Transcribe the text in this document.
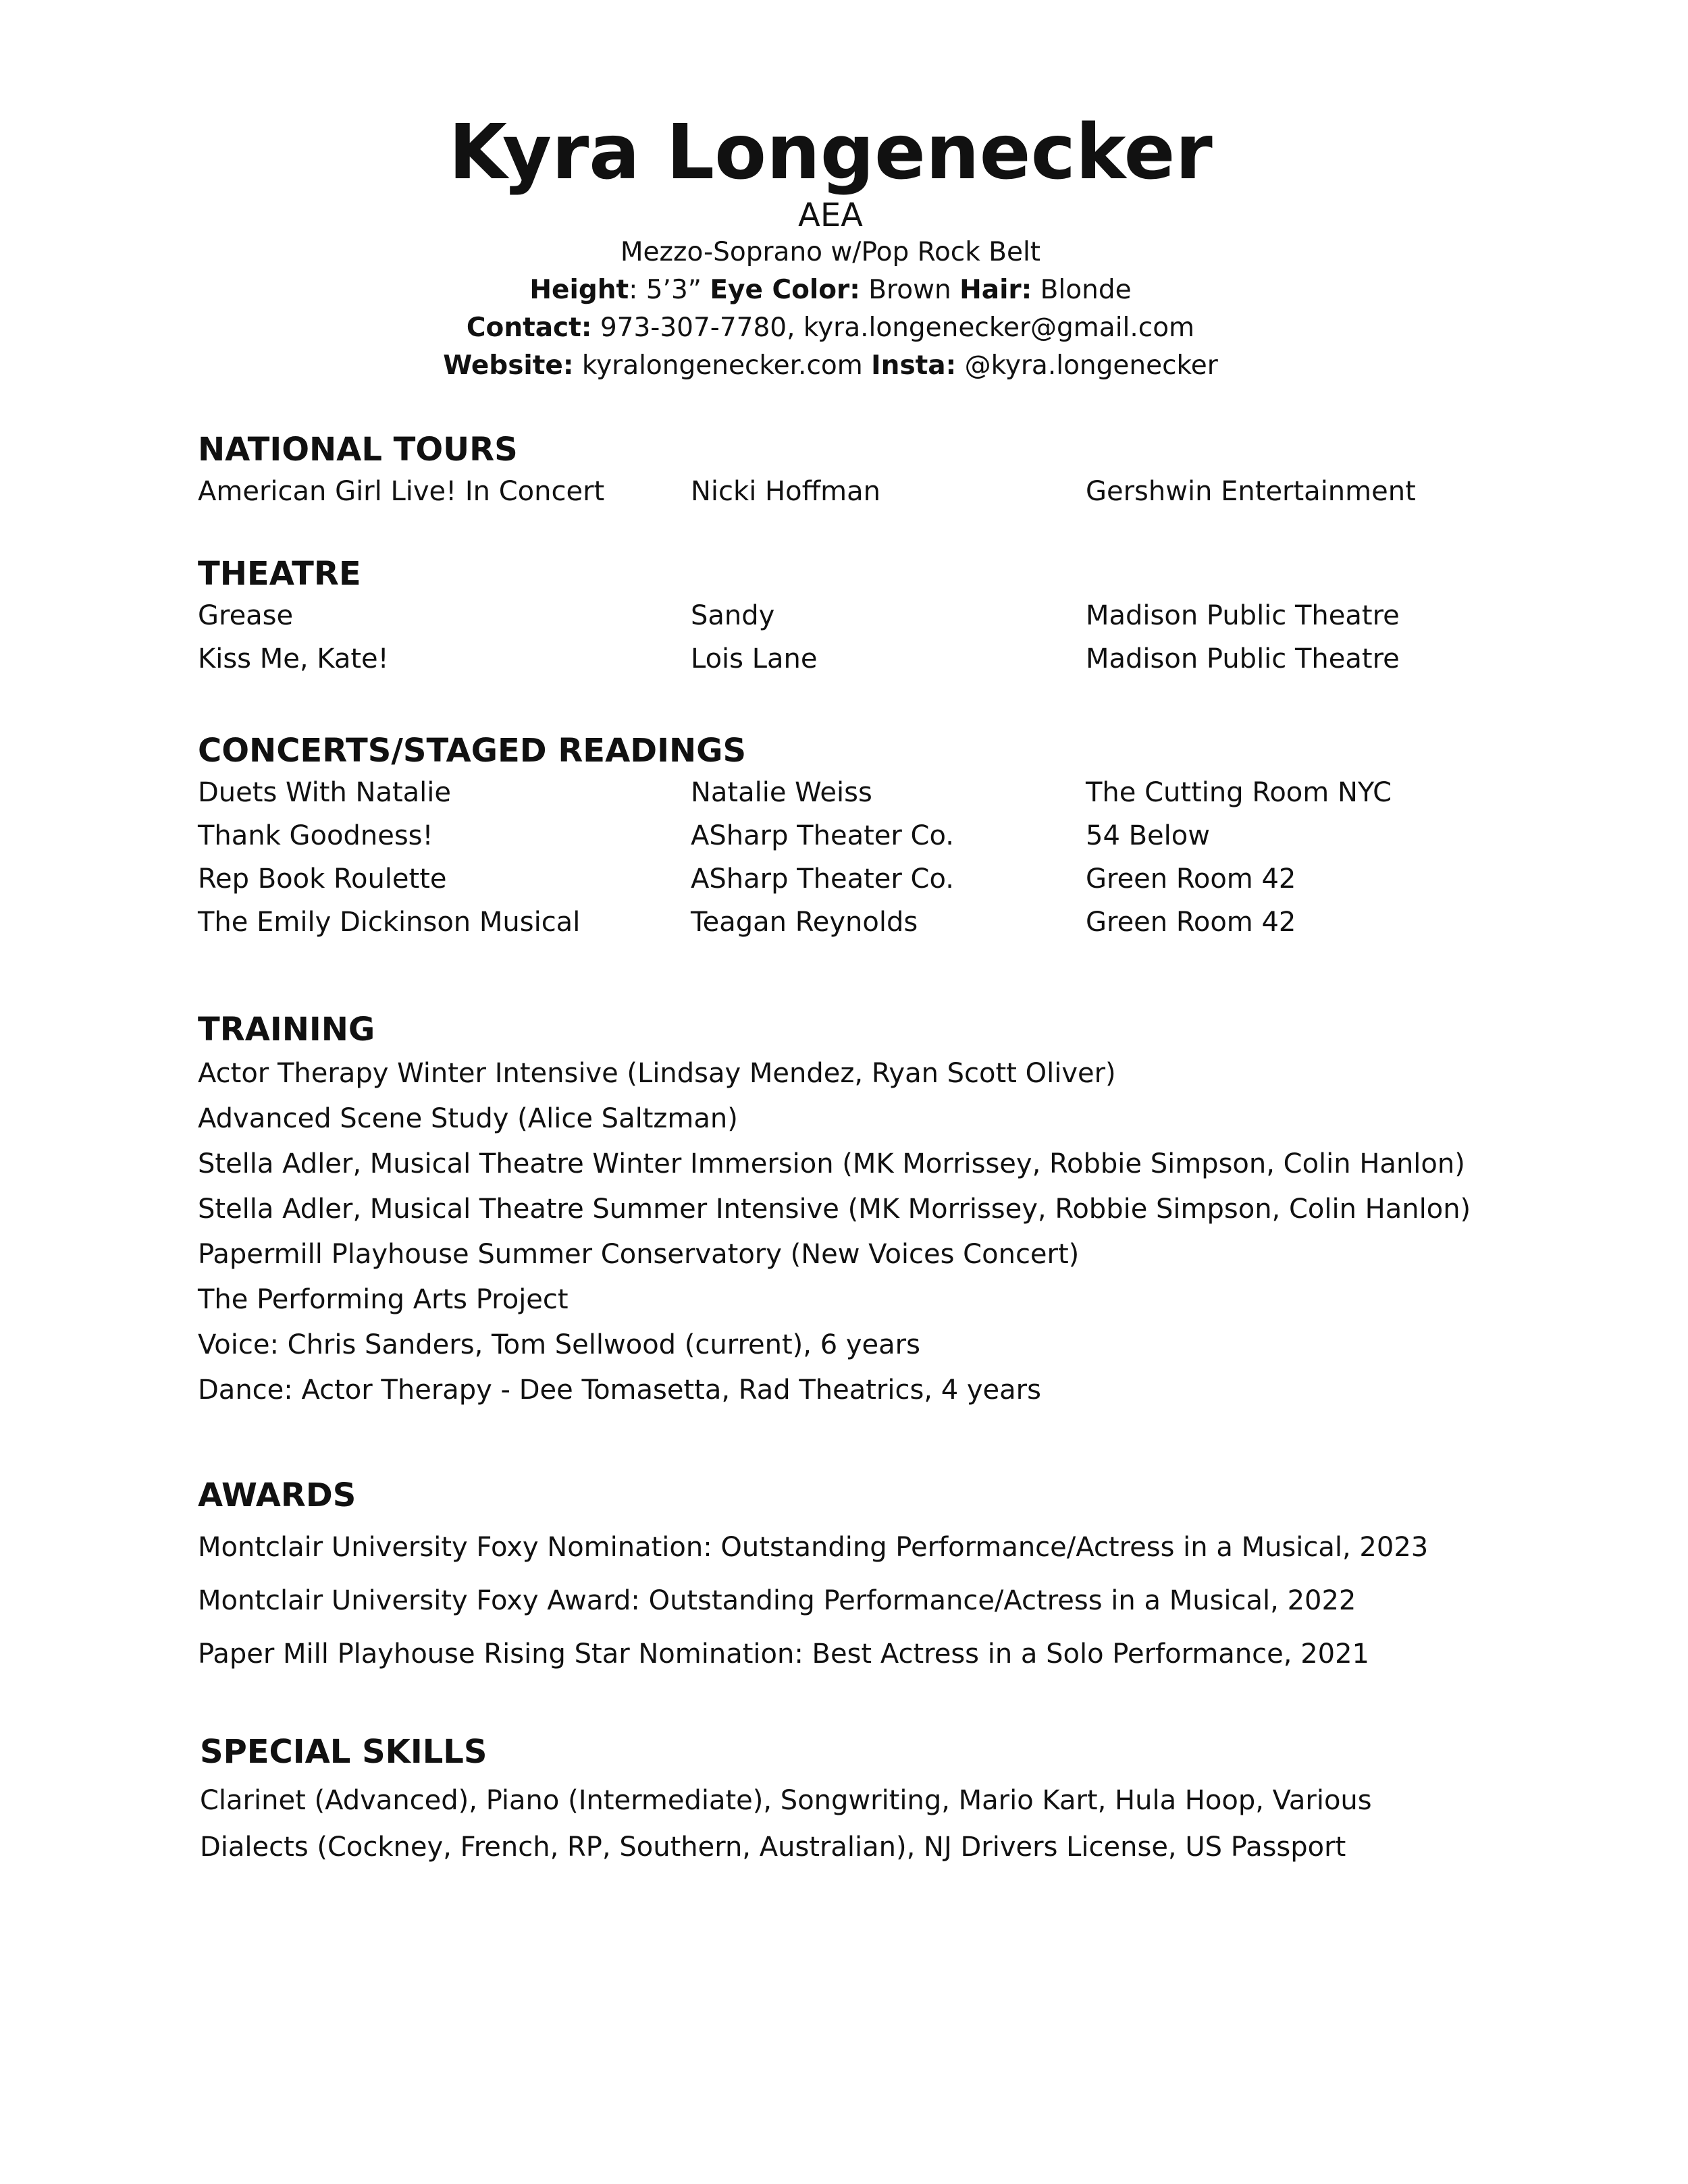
Kyra Longenecker
AEA
Mezzo-Soprano w/Pop Rock Belt
Height: 5’3” Eye Color: Brown Hair: Blonde
Contact: 973-307-7780, kyra.longenecker@gmail.com
Website: kyralongenecker.com Insta: @kyra.longenecker
NATIONAL TOURS
American Girl Live! In Concert	Nicki Hoffman	Gershwin Entertainment
THEATRE
Grease	Sandy	Madison Public Theatre
Kiss Me, Kate!	Lois Lane	Madison Public Theatre
CONCERTS/STAGED READINGS
Duets With Natalie	Natalie Weiss	The Cutting Room NYC
Thank Goodness!	ASharp Theater Co.	54 Below
Rep Book Roulette	ASharp Theater Co.	Green Room 42
The Emily Dickinson Musical	Teagan Reynolds	Green Room 42
TRAINING
Actor Therapy Winter Intensive (Lindsay Mendez, Ryan Scott Oliver)
Advanced Scene Study (Alice Saltzman)
Stella Adler, Musical Theatre Winter Immersion (MK Morrissey, Robbie Simpson, Colin Hanlon)
Stella Adler, Musical Theatre Summer Intensive (MK Morrissey, Robbie Simpson, Colin Hanlon)
Papermill Playhouse Summer Conservatory (New Voices Concert)
The Performing Arts Project
Voice: Chris Sanders, Tom Sellwood (current), 6 years
Dance: Actor Therapy - Dee Tomasetta, Rad Theatrics, 4 years
AWARDS
Montclair University Foxy Nomination: Outstanding Performance/Actress in a Musical, 2023
Montclair University Foxy Award: Outstanding Performance/Actress in a Musical, 2022
Paper Mill Playhouse Rising Star Nomination: Best Actress in a Solo Performance, 2021
SPECIAL SKILLS
Clarinet (Advanced), Piano (Intermediate), Songwriting, Mario Kart, Hula Hoop, Various
Dialects (Cockney, French, RP, Southern, Australian), NJ Drivers License, US Passport
